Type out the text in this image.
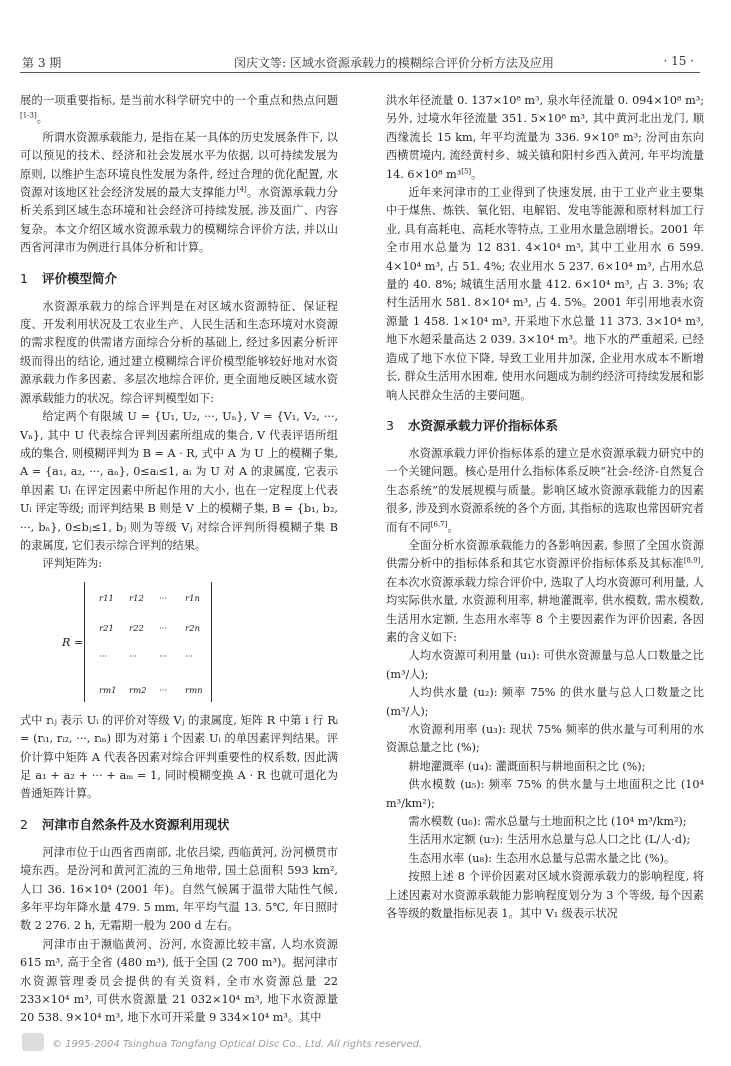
第 3 期	闵庆文等: 区域水资源承载力的模糊综合评价分析方法及应用	· 15 ·

展的一项重要指标, 是当前水科学研究中的一个重点和热点问题[1-3]。

所谓水资源承载能力, 是指在某一具体的历史发展条件下, 以可以预见的技术、经济和社会发展水平为依据, 以可持续发展为原则, 以维护生态环境良性发展为条件, 经过合理的优化配置, 水资源对该地区社会经济发展的最大支撑能力[4]。水资源承载力分析关系到区域生态环境和社会经济可持续发展, 涉及面广、内容复杂。本文介绍区域水资源承载力的模糊综合评价方法, 并以山西省河津市为例进行具体分析和计算。

1 评价模型简介

水资源承载力的综合评判是在对区域水资源特征、保证程度、开发利用状况及工农业生产、人民生活和生态环境对水资源的需求程度的供需诸方面综合分析的基础上, 经过多因素分析评级而得出的结论, 通过建立模糊综合评价模型能够较好地对水资源承载力作多因素、多层次地综合评价, 更全面地反映区域水资源承载能力的状况。综合评判模型如下:

给定两个有限域 U = {U₁, U₂, ···, Uₙ}, V = {V₁, V₂, ···, Vₙ}, 其中 U 代表综合评判因素所组成的集合, V 代表评语所组成的集合, 则模糊评判为 B = A · R, 式中 A 为 U 上的模糊子集, A = {a₁, a₂, ···, aₙ}, 0≤aᵢ≤1, aᵢ 为 U 对 A 的隶属度, 它表示单因素 Uᵢ 在评定因素中所起作用的大小, 也在一定程度上代表 Uᵢ 评定等级; 而评判结果 B 则是 V 上的模糊子集, B = {b₁, b₂, ···, bₙ}, 0≤bⱼ≤1, bⱼ 则为等级 Vⱼ 对综合评判所得模糊子集 B 的隶属度, 它们表示综合评判的结果。

评判矩阵为:

R =
r11 r12 ··· r1n
r21 r22 ··· r2n
···	···	··· ···
rm1 rm2 ··· rmn

式中 rᵢⱼ 表示 Uᵢ 的评价对等级 Vⱼ 的隶属度, 矩阵 R 中第 i 行 Rᵢ = (rᵢ₁, rᵢ₂, ···, rᵢₙ) 即为对第 i 个因素 Uᵢ 的单因素评判结果。评价计算中矩阵 A 代表各因素对综合评判重要性的权系数, 因此满足 a₁ + a₂ + ··· + aₘ = 1, 同时模糊变换 A · R 也就可退化为普通矩阵计算。

2 河津市自然条件及水资源利用现状

河津市位于山西省西南部, 北依吕梁, 西临黄河, 汾河横贯市境东西。是汾河和黄河汇流的三角地带, 国土总面积 593 km², 人口 36. 16×10⁴ (2001 年)。自然气候属于温带大陆性气候, 多年平均年降水量 479. 5 mm, 年平均气温 13. 5℃, 年日照时数 2 276. 2 h, 无霜期一般为 200 d 左右。

河津市由于濒临黄河、汾河, 水资源比较丰富, 人均水资源 615 m³, 高于全省 (480 m³), 低于全国 (2 700 m³)。据河津市水资源管理委员会提供的有关资料, 全市水资源总量 22 233×10⁴ m³, 可供水资源量 21 032×10⁴ m³, 地下水资源量 20 538. 9×10⁴ m³, 地下水可开采量 9 334×10⁴ m³。其中

洪水年径流量 0. 137×10⁸ m³, 泉水年径流量 0. 094×10⁸ m³; 另外, 过境水年径流量 351. 5×10⁸ m³, 其中黄河北出龙门, 顺西缘流长 15 km, 年平均流量为 336. 9×10⁸ m³; 汾河由东向西横贯境内, 流经黄村乡、城关镇和阳村乡西入黄河, 年平均流量 14. 6×10⁸ m³[5]。

近年来河津市的工业得到了快速发展, 由于工业产业主要集中于煤焦、炼铁、氧化铝、电解铝、发电等能源和原材料加工行业, 具有高耗电、高耗水等特点, 工业用水量急剧增长。2001 年全市用水总量为 12 831. 4×10⁴ m³, 其中工业用水 6 599. 4×10⁴ m³, 占 51. 4%; 农业用水 5 237. 6×10⁴ m³, 占用水总量的 40. 8%; 城镇生活用水量 412. 6×10⁴ m³, 占 3. 3%; 农村生活用水 581. 8×10⁴ m³, 占 4. 5%。2001 年引用地表水资源量 1 458. 1×10⁴ m³, 开采地下水总量 11 373. 3×10⁴ m³, 地下水超采量高达 2 039. 3×10⁴ m³。地下水的严重超采, 已经造成了地下水位下降, 导致工业用井加深, 企业用水成本不断增长, 群众生活用水困难, 使用水问题成为制约经济可持续发展和影响人民群众生活的主要问题。

3 水资源承载力评价指标体系

水资源承载力评价指标体系的建立是水资源承载力研究中的一个关键问题。核心是用什么指标体系反映“社会-经济-自然复合生态系统”的发展规模与质量。影响区域水资源承载能力的因素很多, 涉及到水资源系统的各个方面, 其指标的选取也常因研究者而有不同[6,7]。

全面分析水资源承载能力的各影响因素, 参照了全国水资源供需分析中的指标体系和其它水资源评价指标体系及其标准[8,9], 在本次水资源承载力综合评价中, 选取了人均水资源可利用量, 人均实际供水量, 水资源利用率, 耕地灌溉率, 供水模数, 需水模数, 生活用水定额, 生态用水率等 8 个主要因素作为评价因素, 各因素的含义如下:

人均水资源可利用量 (u₁): 可供水资源量与总人口数量之比 (m³/人);

人均供水量 (u₂): 频率 75% 的供水量与总人口数量之比 (m³/人);

水资源利用率 (u₃): 现状 75% 频率的供水量与可利用的水资源总量之比 (%);

耕地灌溉率 (u₄): 灌溉面积与耕地面积之比 (%);

供水模数 (u₅): 频率 75% 的供水量与土地面积之比 (10⁴ m³/km²);

需水模数 (u₆): 需水总量与土地面积之比 (10⁴ m³/km²);

生活用水定额 (u₇): 生活用水总量与总人口之比 (L/人·d);

生态用水率 (u₈): 生态用水总量与总需水量之比 (%)。

按照上述 8 个评价因素对区域水资源承载力的影响程度, 将上述因素对水资源承载能力影响程度划分为 3 个等级, 每个因素各等级的数量指标见表 1。其中 V₁ 级表示状况

© 1995-2004 Tsinghua Tongfang Optical Disc Co., Ltd. All rights reserved.
